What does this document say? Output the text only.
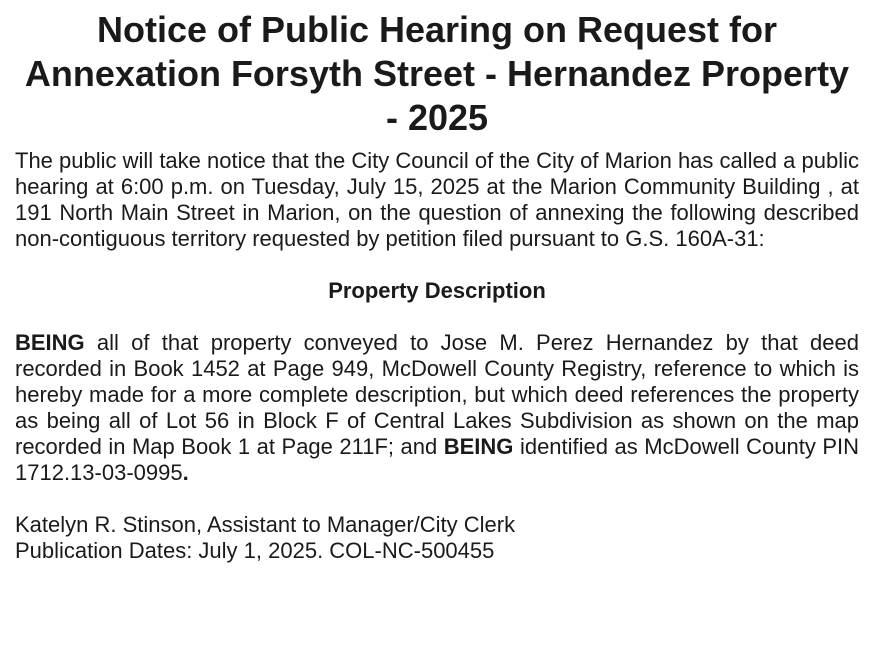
Notice of Public Hearing on Request for Annexation Forsyth Street - Hernandez Property - 2025

The public will take notice that the City Council of the City of Marion has called a public hearing at 6:00 p.m. on Tuesday, July 15, 2025 at the Marion Community Building , at 191 North Main Street in Marion, on the question of annexing the following described non-contiguous territory requested by petition filed pursuant to G.S. 160A-31:

Property Description

BEING all of that property conveyed to Jose M. Perez Hernandez by that deed recorded in Book 1452 at Page 949, McDowell County Registry, reference to which is hereby made for a more complete description, but which deed references the property as being all of Lot 56 in Block F of Central Lakes Subdivision as shown on the map recorded in Map Book 1 at Page 211F; and BEING identified as McDowell County PIN 1712.13-03-0995.

Katelyn R. Stinson, Assistant to Manager/City Clerk

Publication Dates: July 1, 2025. COL-NC-500455
